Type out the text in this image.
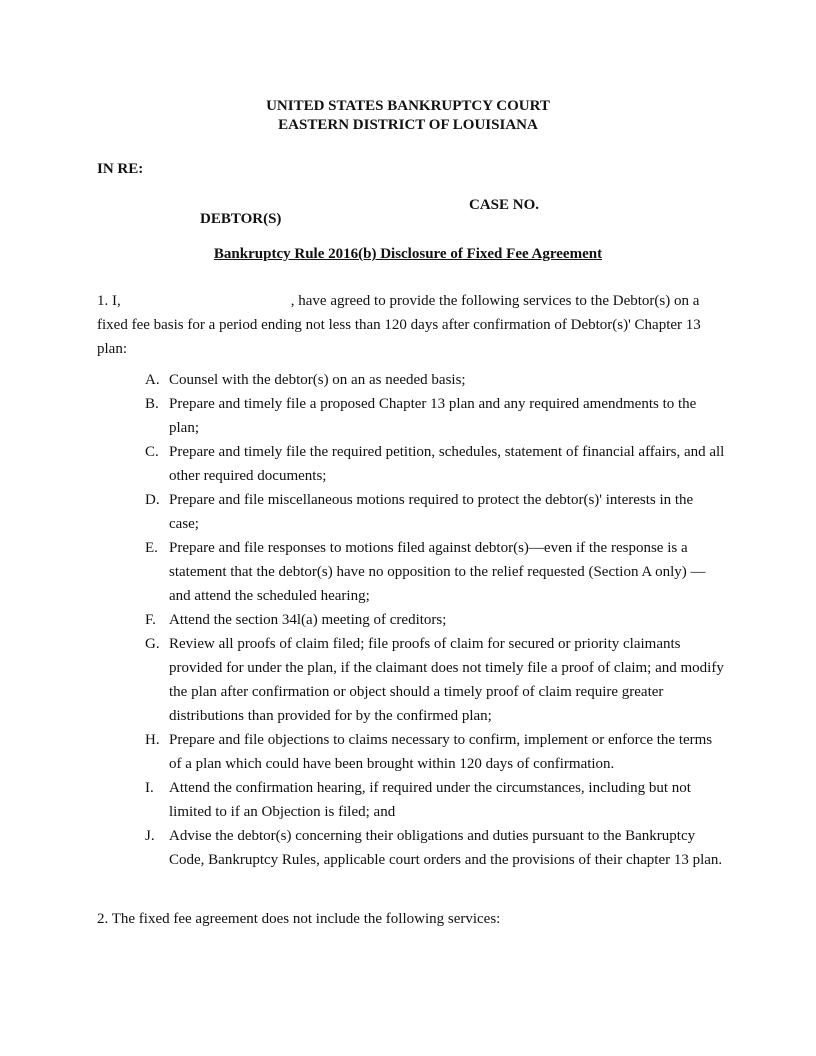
UNITED STATES BANKRUPTCY COURT
EASTERN DISTRICT OF LOUISIANA
IN RE:
CASE NO.
DEBTOR(S)
Bankruptcy Rule 2016(b) Disclosure of Fixed Fee Agreement

1. I,	, have agreed to provide the following services to the Debtor(s) on a fixed fee basis for a period ending not less than 120 days after confirmation of Debtor(s)' Chapter 13 plan:

A. Counsel with the debtor(s) on an as needed basis;
B. Prepare and timely file a proposed Chapter 13 plan and any required amendments to the plan;
C. Prepare and timely file the required petition, schedules, statement of financial affairs, and all other required documents;
D. Prepare and file miscellaneous motions required to protect the debtor(s)' interests in the case;
E. Prepare and file responses to motions filed against debtor(s)—even if the response is a statement that the debtor(s) have no opposition to the relief requested (Section A only) —and attend the scheduled hearing;
F. Attend the section 34l(a) meeting of creditors;
G. Review all proofs of claim filed; file proofs of claim for secured or priority claimants provided for under the plan, if the claimant does not timely file a proof of claim; and modify the plan after confirmation or object should a timely proof of claim require greater distributions than provided for by the confirmed plan;
H. Prepare and file objections to claims necessary to confirm, implement or enforce the terms of a plan which could have been brought within 120 days of confirmation.
I. Attend the confirmation hearing, if required under the circumstances, including but not limited to if an Objection is filed; and
J. Advise the debtor(s) concerning their obligations and duties pursuant to the Bankruptcy Code, Bankruptcy Rules, applicable court orders and the provisions of their chapter 13 plan.

2. The fixed fee agreement does not include the following services:
